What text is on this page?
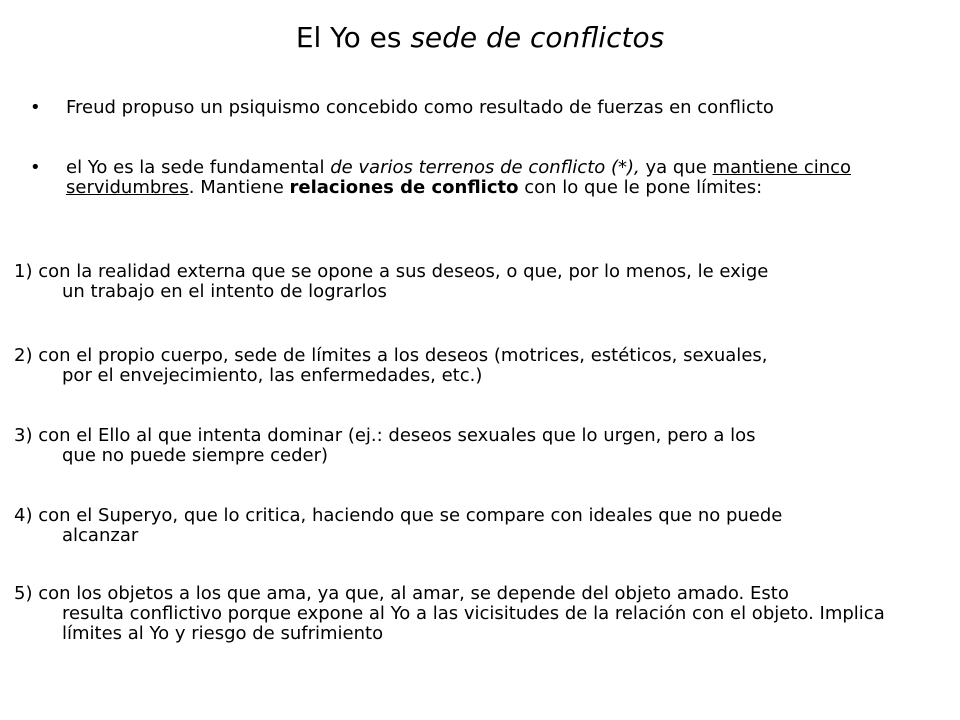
El Yo es sede de conflictos
• Freud propuso un psiquismo concebido como resultado de fuerzas en conflicto
• el Yo es la sede fundamental de varios terrenos de conflicto (*), ya que mantiene cinco servidumbres. Mantiene relaciones de conflicto con lo que le pone límites:
1) con la realidad externa que se opone a sus deseos, o que, por lo menos, le exige
un trabajo en el intento de lograrlos
2) con el propio cuerpo, sede de límites a los deseos (motrices, estéticos, sexuales,
por el envejecimiento, las enfermedades, etc.)
3) con el Ello al que intenta dominar (ej.: deseos sexuales que lo urgen, pero a los
que no puede siempre ceder)
4) con el Superyo, que lo critica, haciendo que se compare con ideales que no puede
alcanzar
5) con los objetos a los que ama, ya que, al amar, se depende del objeto amado. Esto
resulta conflictivo porque expone al Yo a las vicisitudes de la relación con el objeto. Implica límites al Yo y riesgo de sufrimiento
